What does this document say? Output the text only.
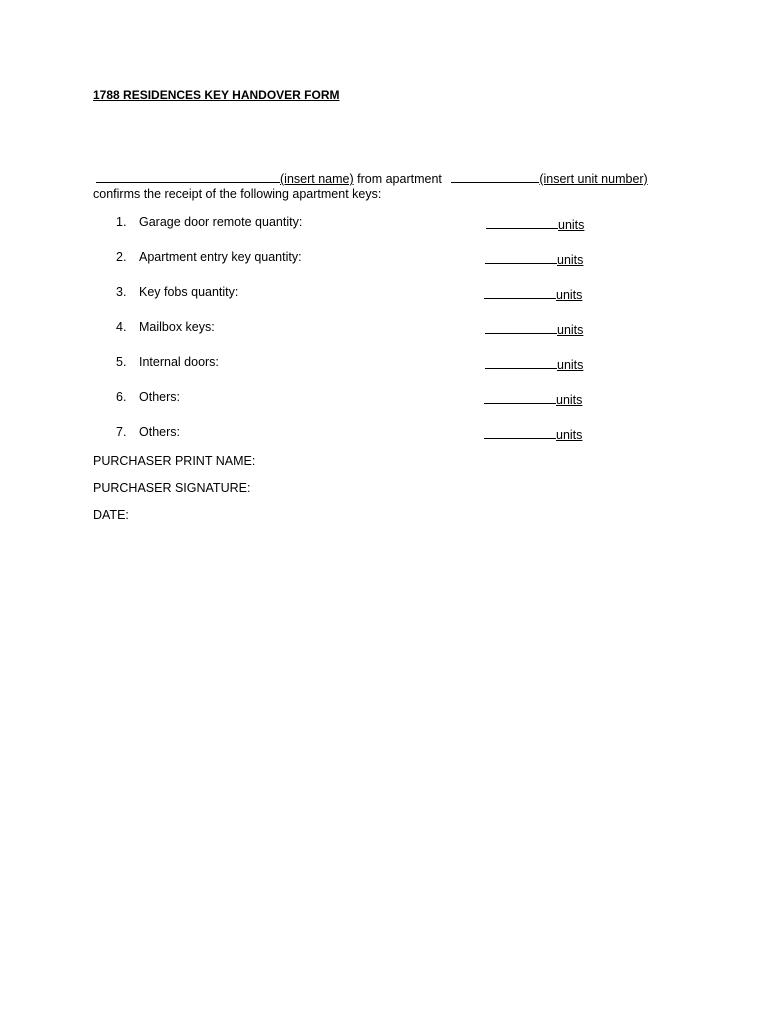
1788 RESIDENCES KEY HANDOVER FORM
(insert name) from apartment	(insert unit number)
confirms the receipt of the following apartment keys:
1. Garage door remote quantity:	units
2. Apartment entry key quantity:	units
3. Key fobs quantity:	units
4. Mailbox keys:	units
5. Internal doors:	units
6. Others:	units
7. Others:	units
PURCHASER PRINT NAME:
PURCHASER SIGNATURE:
DATE:
